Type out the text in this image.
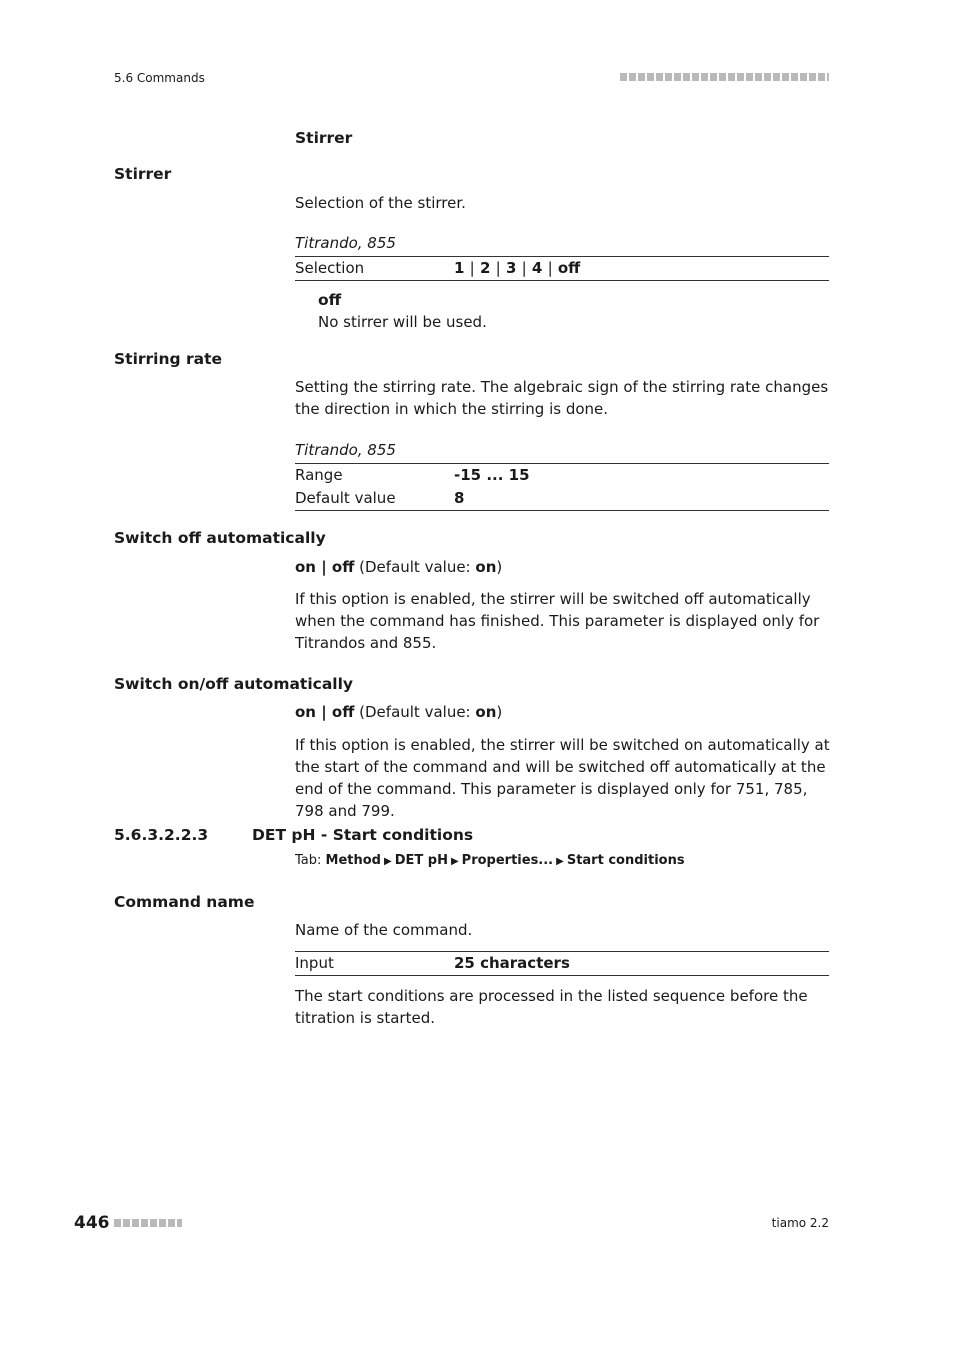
5.6 Commands
Stirrer
Stirrer
Selection of the stirrer.
Titrando, 855
Selection	1 | 2 | 3 | 4 | off
off
No stirrer will be used.
Stirring rate
Setting the stirring rate. The algebraic sign of the stirring rate changes the direction in which the stirring is done.
Titrando, 855
Range	-15 ... 15
Default value	8
Switch off automatically
on | off (Default value: on)
If this option is enabled, the stirrer will be switched off automatically when the command has finished. This parameter is displayed only for Titrandos and 855.
Switch on/off automatically
on | off (Default value: on)
If this option is enabled, the stirrer will be switched on automatically at the start of the command and will be switched off automatically at the end of the command. This parameter is displayed only for 751, 785, 798 and 799.
5.6.3.2.2.3	DET pH - Start conditions
Tab: Method ▶ DET pH ▶ Properties... ▶ Start conditions
Command name
Name of the command.
Input	25 characters
The start conditions are processed in the listed sequence before the titration is started.
446	tiamo 2.2
